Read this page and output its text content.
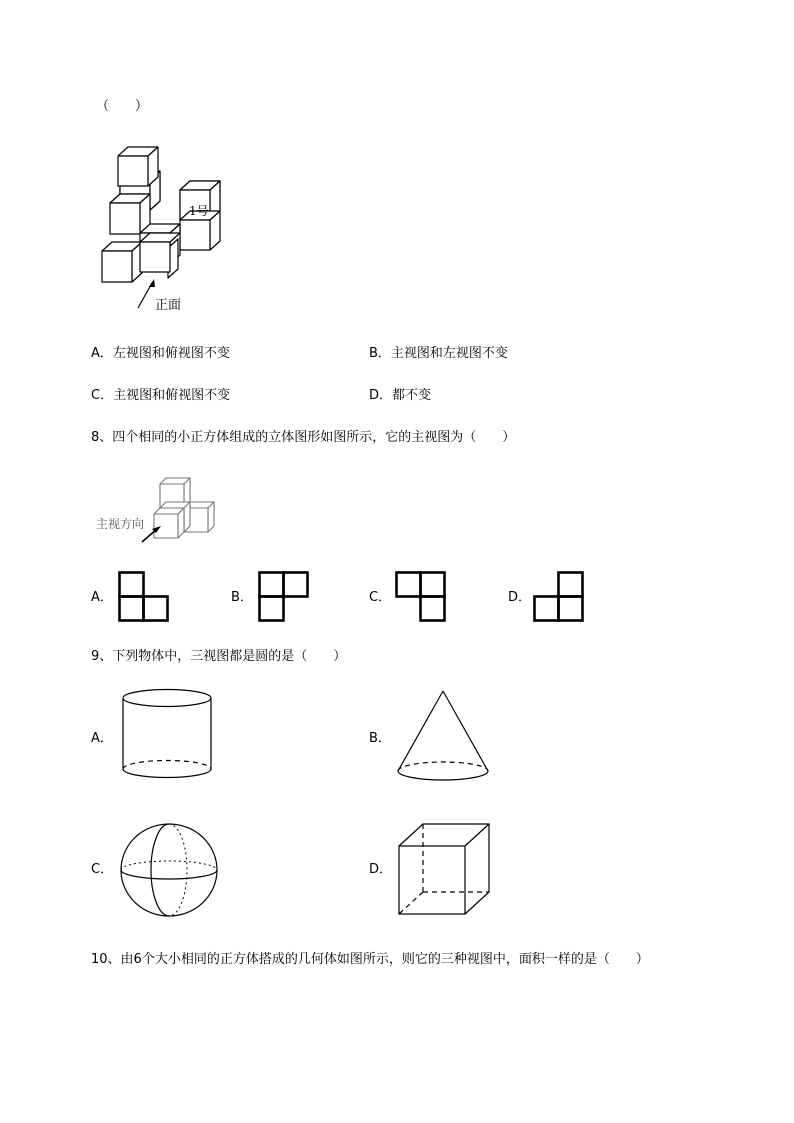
（　　）
1号
正面
A．左视图和俯视图不变	B．主视图和左视图不变
C．主视图和俯视图不变	D．都不变
8、四个相同的小正方体组成的立体图形如图所示，它的主视图为（　　）
主视方向
A．	B．	C．	D．
9、下列物体中，三视图都是圆的是（　　）
A．	B．
C．	D．
10、由6个大小相同的正方体搭成的几何体如图所示，则它的三种视图中，面积一样的是（　　）
